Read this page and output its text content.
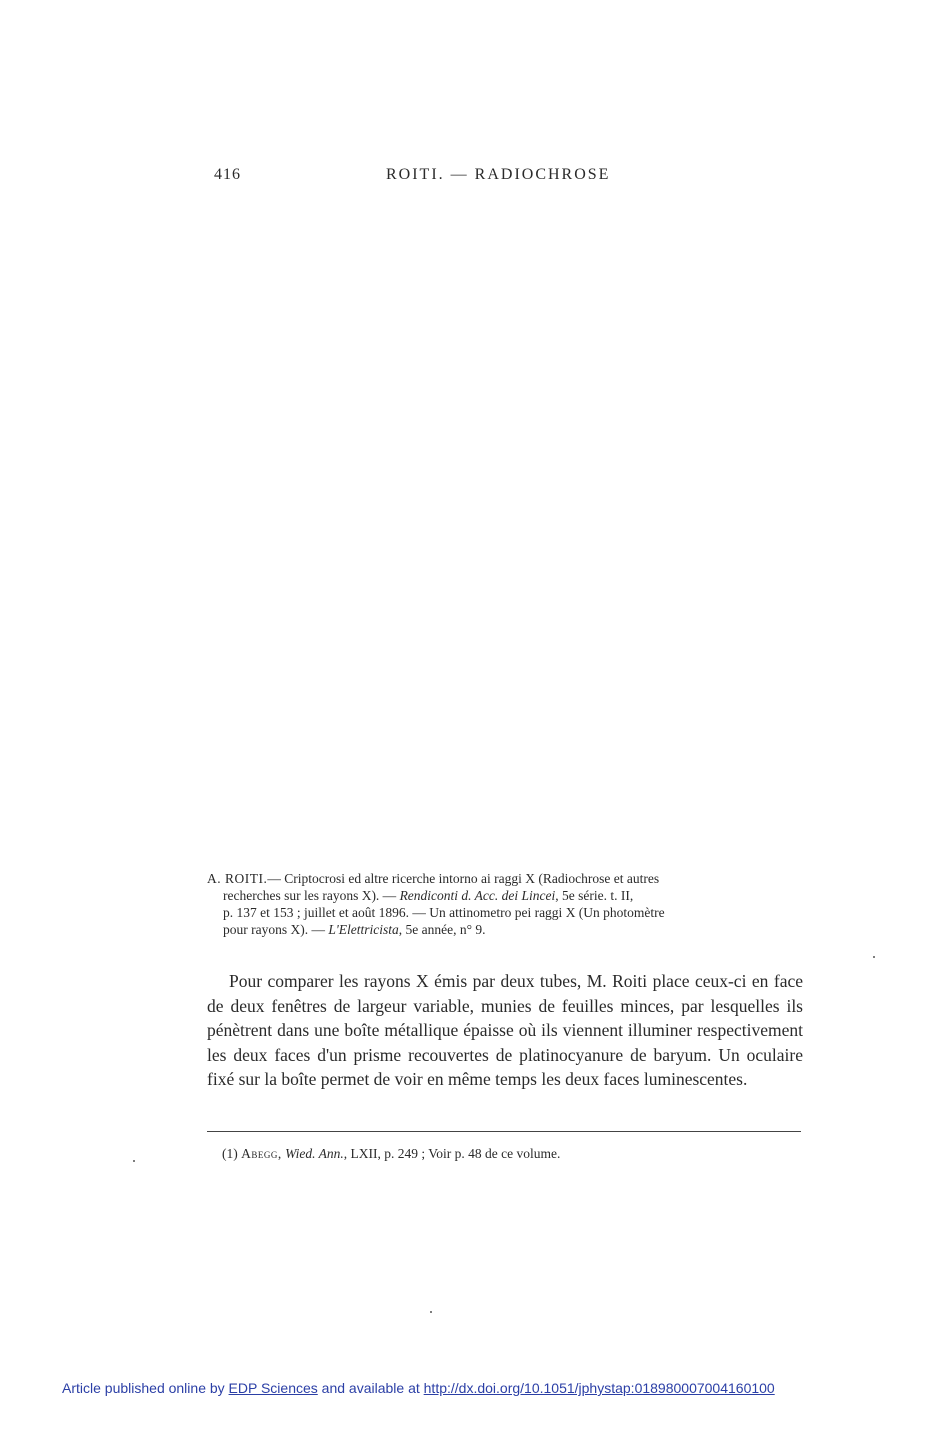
416	ROITI. — RADIOCHROSE
A. ROITI.— Criptocrosi ed altre ricerche intorno ai raggi X (Radiochrose et autres
recherches sur les rayons X). — Rendiconti d. Acc. dei Lincei, 5e série. t. II,
p. 137 et 153 ; juillet et août 1896. — Un attinometro pei raggi X (Un photomètre
pour rayons X). — L'Elettricista, 5e année, n° 9.

Pour comparer les rayons X émis par deux tubes, M. Roiti place ceux-ci en face de deux fenêtres de largeur variable, munies de feuilles minces, par lesquelles ils pénètrent dans une boîte métallique épaisse où ils viennent illuminer respectivement les deux faces d'un prisme recouvertes de platinocyanure de baryum. Un oculaire fixé sur la boîte permet de voir en même temps les deux faces luminescentes.

(1) Abegg, Wied. Ann., LXII, p. 249 ; Voir p. 48 de ce volume.
Article published online by EDP Sciences and available at http://dx.doi.org/10.1051/jphystap:018980007004160100
